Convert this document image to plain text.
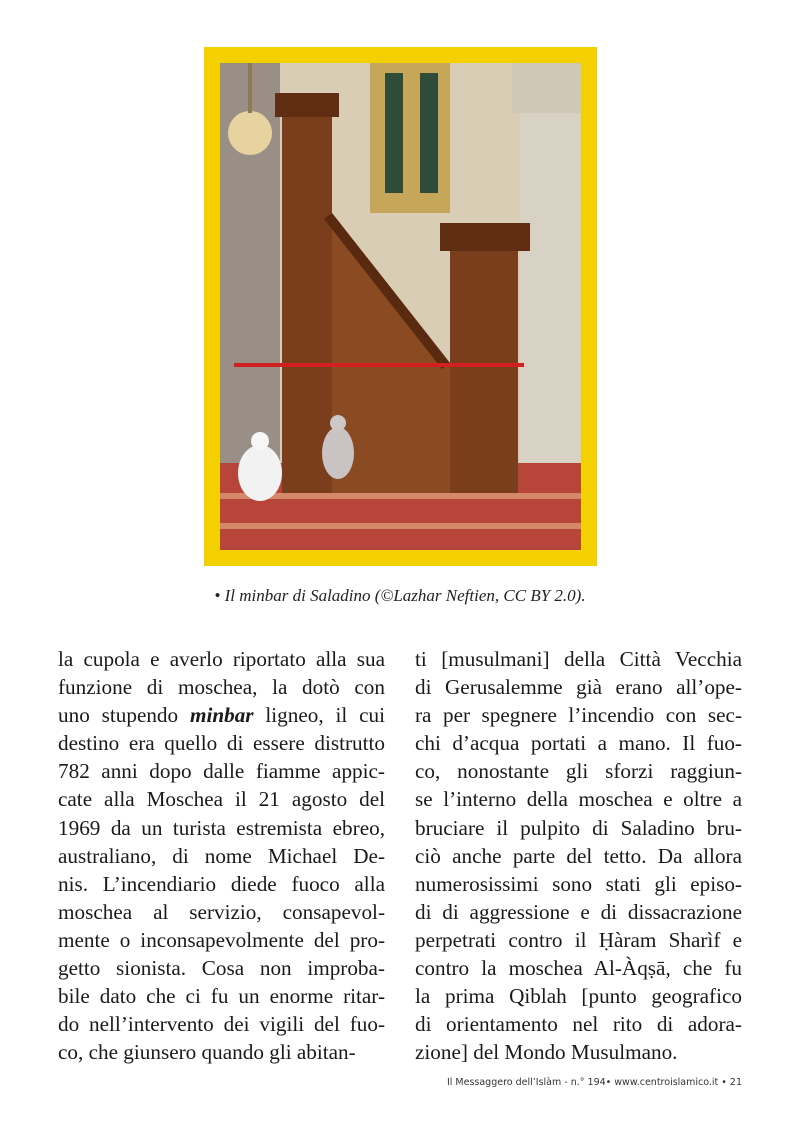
• Il minbar di Saladino (©Lazhar Neftien, CC BY 2.0).
la cupola e averlo riportato alla sua
funzione di moschea, la dotò con
uno stupendo minbar ligneo, il cui
destino era quello di essere distrutto
782 anni dopo dalle fiamme appic-
cate alla Moschea il 21 agosto del
1969 da un turista estremista ebreo,
australiano, di nome Michael De-
nis. L’incendiario diede fuoco alla
moschea al servizio, consapevol-
mente o inconsapevolmente del pro-
getto sionista. Cosa non improba-
bile dato che ci fu un enorme ritar-
do nell’intervento dei vigili del fuo-
co, che giunsero quando gli abitan-
ti [musulmani] della Città Vecchia
di Gerusalemme già erano all’ope-
ra per spegnere l’incendio con sec-
chi d’acqua portati a mano. Il fuo-
co, nonostante gli sforzi raggiun-
se l’interno della moschea e oltre a
bruciare il pulpito di Saladino bru-
ciò anche parte del tetto. Da allora
numerosissimi sono stati gli episo-
di di aggressione e di dissacrazione
perpetrati contro il Ḥàram Sharìf e
contro la moschea Al-Àqṣā, che fu
la prima Qiblah [punto geografico
di orientamento nel rito di adora-
zione] del Mondo Musulmano.
Il Messaggero dell’Islàm - n.° 194• www.centroislamico.it • 21
